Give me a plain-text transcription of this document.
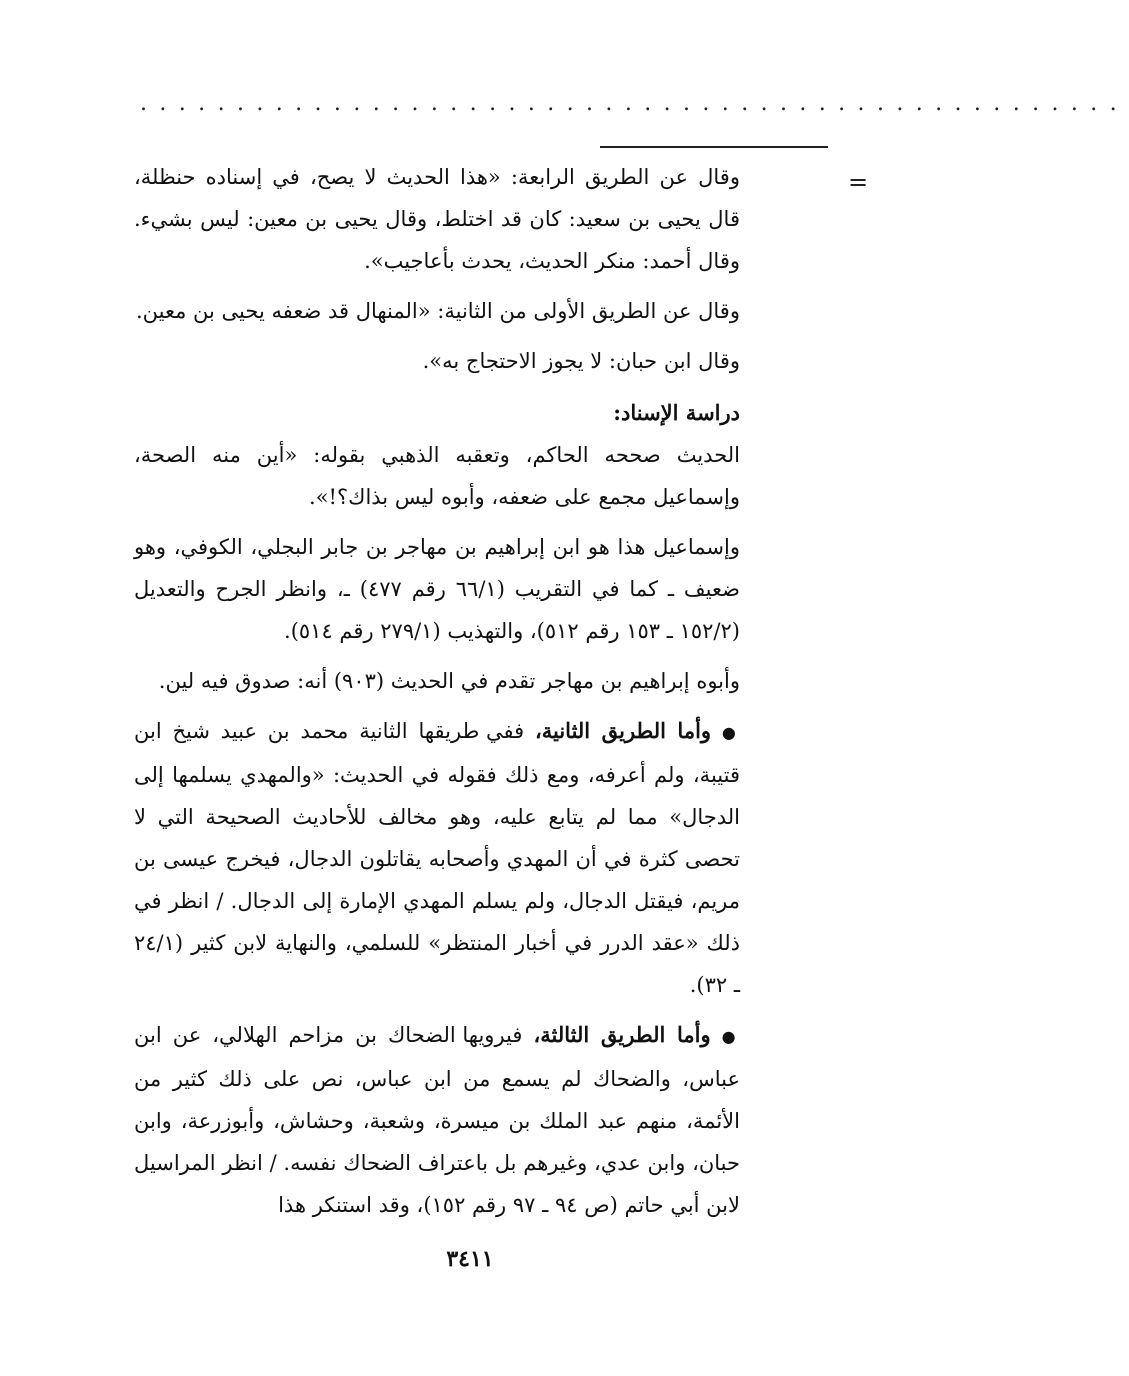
...................................................
=

وقال عن الطريق الرابعة: «هذا الحديث لا يصح، في إسناده حنظلة، قال يحيى بن سعيد: كان قد اختلط، وقال يحيى بن معين: ليس بشيء. وقال أحمد: منكر الحديث، يحدث بأعاجيب».

وقال عن الطريق الأولى من الثانية: «المنهال قد ضعفه يحيى بن معين.

وقال ابن حبان: لا يجوز الاحتجاج به».

دراسة الإسناد:

الحديث صححه الحاكم، وتعقبه الذهبي بقوله: «أين منه الصحة، وإسماعيل مجمع على ضعفه، وأبوه ليس بذاك؟!».

وإسماعيل هذا هو ابن إبراهيم بن مهاجر بن جابر البجلي، الكوفي، وهو ضعيف ـ كما في التقريب (٦٦/١ رقم ٤٧٧) ـ، وانظر الجرح والتعديل (١٥٢/٢ ـ ١٥٣ رقم ٥١٢)، والتهذيب (٢٧٩/١ رقم ٥١٤).

وأبوه إبراهيم بن مهاجر تقدم في الحديث (٩٠٣) أنه: صدوق فيه لين.

● وأما الطريق الثانية، ففي طريقها الثانية محمد بن عبيد شيخ ابن قتيبة، ولم أعرفه، ومع ذلك فقوله في الحديث: «والمهدي يسلمها إلى الدجال» مما لم يتابع عليه، وهو مخالف للأحاديث الصحيحة التي لا تحصى كثرة في أن المهدي وأصحابه يقاتلون الدجال، فيخرج عيسى بن مريم، فيقتل الدجال، ولم يسلم المهدي الإمارة إلى الدجال. / انظر في ذلك «عقد الدرر في أخبار المنتظر» للسلمي، والنهاية لابن كثير (٢٤/١ ـ ٣٢).

● وأما الطريق الثالثة، فيرويها الضحاك بن مزاحم الهلالي، عن ابن عباس، والضحاك لم يسمع من ابن عباس، نص على ذلك كثير من الأئمة، منهم عبد الملك بن ميسرة، وشعبة، وحشاش، وأبوزرعة، وابن حبان، وابن عدي، وغيرهم بل باعتراف الضحاك نفسه. / انظر المراسيل لابن أبي حاتم (ص ٩٤ ـ ٩٧ رقم ١٥٢)، وقد استنكر هذا

٣٤١١
